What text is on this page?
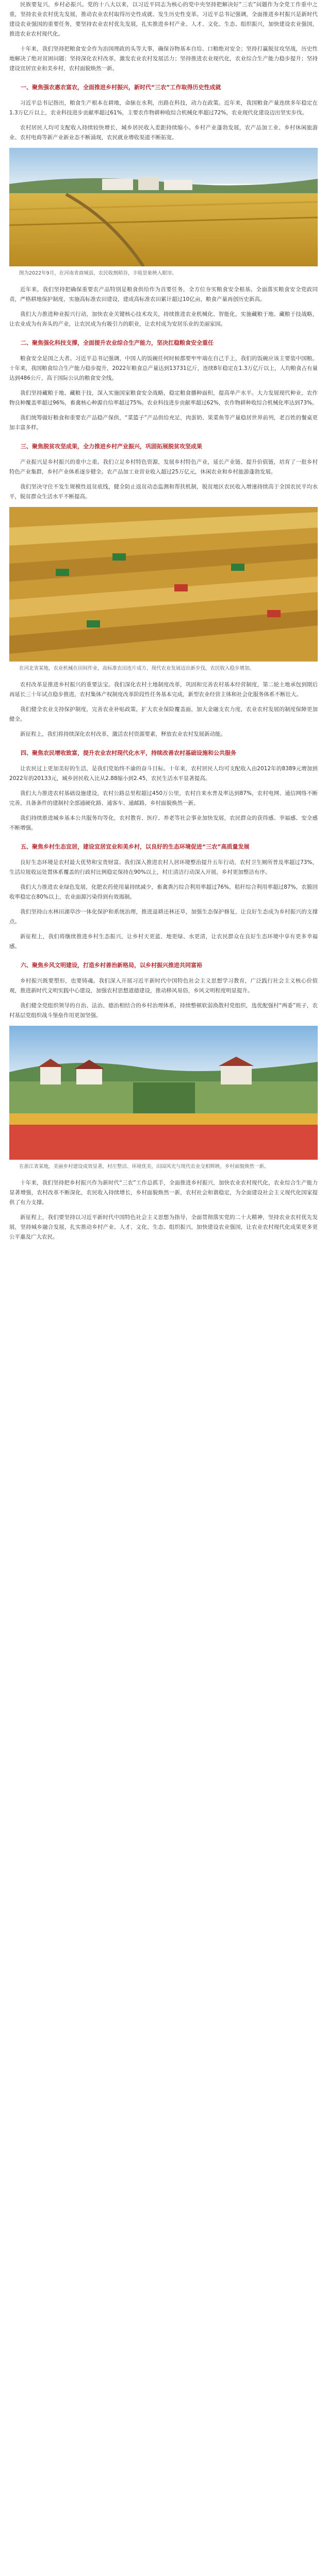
民族要复兴，乡村必振兴。党的十八大以来，以习近平同志为核心的党中央坚持把解决好“三农”问题作为全党工作重中之重，坚持农业农村优先发展，推动农业农村取得历史性成就、发生历史性变革。习近平总书记强调，全面推进乡村振兴是新时代建设农业强国的重要任务，要坚持农业农村优先发展，扎实推进乡村产业、人才、文化、生态、组织振兴，加快建设农业强国，推进农业农村现代化。

十年来，我们坚持把粮食安全作为治国理政的头等大事，确保谷物基本自给、口粮绝对安全；坚持打赢脱贫攻坚战，历史性地解决了绝对贫困问题；坚持深化农村改革，激发农业农村发展活力；坚持推进农业现代化，农业综合生产能力稳步提升；坚持建设宜居宜业和美乡村，农村面貌焕然一新。

一、聚焦强农惠农富农，全面推进乡村振兴，新时代“三农”工作取得历史性成就

习近平总书记指出，粮食生产根本在耕地，命脉在水利，出路在科技，动力在政策。近年来，我国粮食产量连续多年稳定在1.3万亿斤以上，农业科技进步贡献率超过61%，主要农作物耕种收综合机械化率超过72%，农业现代化建设迈出坚实步伐。

农村居民人均可支配收入持续较快增长，城乡居民收入差距持续缩小。乡村产业蓬勃发展，农产品加工业、乡村休闲旅游业、农村电商等新产业新业态不断涌现，农民就业增收渠道不断拓宽。

图为2022年9月，在河南省商城县，农民收割稻谷，丰收景象映入眼帘。

近年来，我们坚持把确保重要农产品特别是粮食供给作为首要任务，全方位夯实粮食安全根基。全面落实粮食安全党政同责，严格耕地保护制度，实施高标准农田建设，建成高标准农田累计超过10亿亩，粮食产量再创历史新高。

我们大力推进种业振兴行动，加快农业关键核心技术攻关，持续推进农业机械化、智能化，实施藏粮于地、藏粮于技战略，让农业成为有奔头的产业，让农民成为有吸引力的职业，让农村成为安居乐业的美丽家园。

二、聚焦强化科技支撑，全面提升农业综合生产能力，坚决扛稳粮食安全重任

粮食安全是国之大者。习近平总书记强调，中国人的饭碗任何时候都要牢牢端在自己手上，我们的饭碗应该主要装中国粮。十年来，我国粮食综合生产能力稳步提升，2022年粮食总产量达到13731亿斤，连续8年稳定在1.3万亿斤以上，人均粮食占有量达到486公斤，高于国际公认的粮食安全线。

我们坚持藏粮于地、藏粮于技，深入实施国家粮食安全战略，稳定粮食播种面积，提高单产水平。大力发展现代种业，农作物良种覆盖率超过96%，畜禽核心种源自给率超过75%。农业科技进步贡献率超过62%，农作物耕种收综合机械化率达到73%。

我们统筹做好粮食和重要农产品稳产保供，“菜篮子”产品供给充足，肉蛋奶、果菜鱼等产量稳居世界前列，老百姓的餐桌更加丰富多样。

三、聚焦脱贫攻坚成果，全力推进乡村产业振兴，巩固拓展脱贫攻坚成果

产业振兴是乡村振兴的重中之重。我们立足乡村特色资源，发展乡村特色产业，延长产业链、提升价值链，培育了一批乡村特色产业集群，乡村产业体系逐步健全。农产品加工业营业收入超过25万亿元，休闲农业和乡村旅游蓬勃发展。

我们坚决守住不发生规模性返贫底线，健全防止返贫动态监测和帮扶机制，脱贫地区农民收入增速持续高于全国农民平均水平，脱贫群众生活水平不断提高。

在河北省某地，农业机械在田间作业，高标准农田连片成方，现代农业发展迈出新步伐，农民收入稳步增加。

农村改革是推进乡村振兴的重要法宝。我们深化农村土地制度改革，巩固和完善农村基本经营制度，第二轮土地承包到期后再延长三十年试点稳步推进，农村集体产权制度改革阶段性任务基本完成，新型农业经营主体和社会化服务体系不断壮大。

我们健全农业支持保护制度，完善农业补贴政策，扩大农业保险覆盖面，加大金融支农力度，农业农村发展的制度保障更加健全。

新征程上，我们将持续深化农村改革，激活农村资源要素，释放农业农村发展新动能。

四、聚焦农民增收致富，提升农业农村现代化水平，持续改善农村基础设施和公共服务

让农民过上更加美好的生活，是我们党始终不渝的奋斗目标。十年来，农村居民人均可支配收入由2012年的8389元增加到2022年的20133元，城乡居民收入比从2.88缩小到2.45，农民生活水平显著提高。

我们大力推进农村基础设施建设，农村公路总里程超过450万公里，农村自来水普及率达到87%，农村电网、通信网络不断完善，具备条件的建制村全部通硬化路、通客车、通邮路，乡村面貌焕然一新。

我们持续推进城乡基本公共服务均等化，农村教育、医疗、养老等社会事业加快发展，农民群众的获得感、幸福感、安全感不断增强。

五、聚焦乡村生态宜居，建设宜居宜业和美乡村，以良好的生态环境促进“三农”高质量发展

良好生态环境是农村最大优势和宝贵财富。我们深入推进农村人居环境整治提升五年行动，农村卫生厕所普及率超过73%，生活垃圾收运处置体系覆盖的行政村比例稳定保持在90%以上，村庄清洁行动深入开展，乡村更加整洁有序。

我们大力推进农业绿色发展，化肥农药使用量持续减少，畜禽粪污综合利用率超过76%，秸秆综合利用率超过87%，农膜回收率稳定在80%以上，农业面源污染得到有效遏制。

我们坚持山水林田湖草沙一体化保护和系统治理，推进退耕还林还草，加强生态保护修复，让良好生态成为乡村振兴的支撑点。

新征程上，我们将继续推进乡村生态振兴，让乡村天更蓝、地更绿、水更清，让农民群众在良好生态环境中享有更多幸福感。

六、聚焦乡风文明建设，打造乡村善治新格局，以乡村振兴推进共同富裕

乡村振兴既要塑形，也要铸魂。我们深入开展习近平新时代中国特色社会主义思想学习教育，广泛践行社会主义核心价值观，推进新时代文明实践中心建设，加强农村思想道德建设，推动移风易俗，乡风文明程度明显提升。

我们健全党组织领导的自治、法治、德治相结合的乡村治理体系，持续整顿软弱涣散村党组织，选优配强村“两委”班子，农村基层党组织战斗堡垒作用更加坚强。

在浙江省某地，美丽乡村建设成效显著，村庄整洁、环境优美，田园风光与现代农业交相辉映，乡村面貌焕然一新。

十年来，我们坚持把乡村振兴作为新时代“三农”工作总抓手，全面推进乡村振兴，加快农业农村现代化，农业综合生产能力显著增强，农村改革不断深化，农民收入持续增长，乡村面貌焕然一新，农村社会和谐稳定，为全面建设社会主义现代化国家提供了有力支撑。

新征程上，我们要坚持以习近平新时代中国特色社会主义思想为指导，全面贯彻落实党的二十大精神，坚持农业农村优先发展，坚持城乡融合发展，扎实推动乡村产业、人才、文化、生态、组织振兴，加快建设农业强国，让农业农村现代化成果更多更公平惠及广大农民。
